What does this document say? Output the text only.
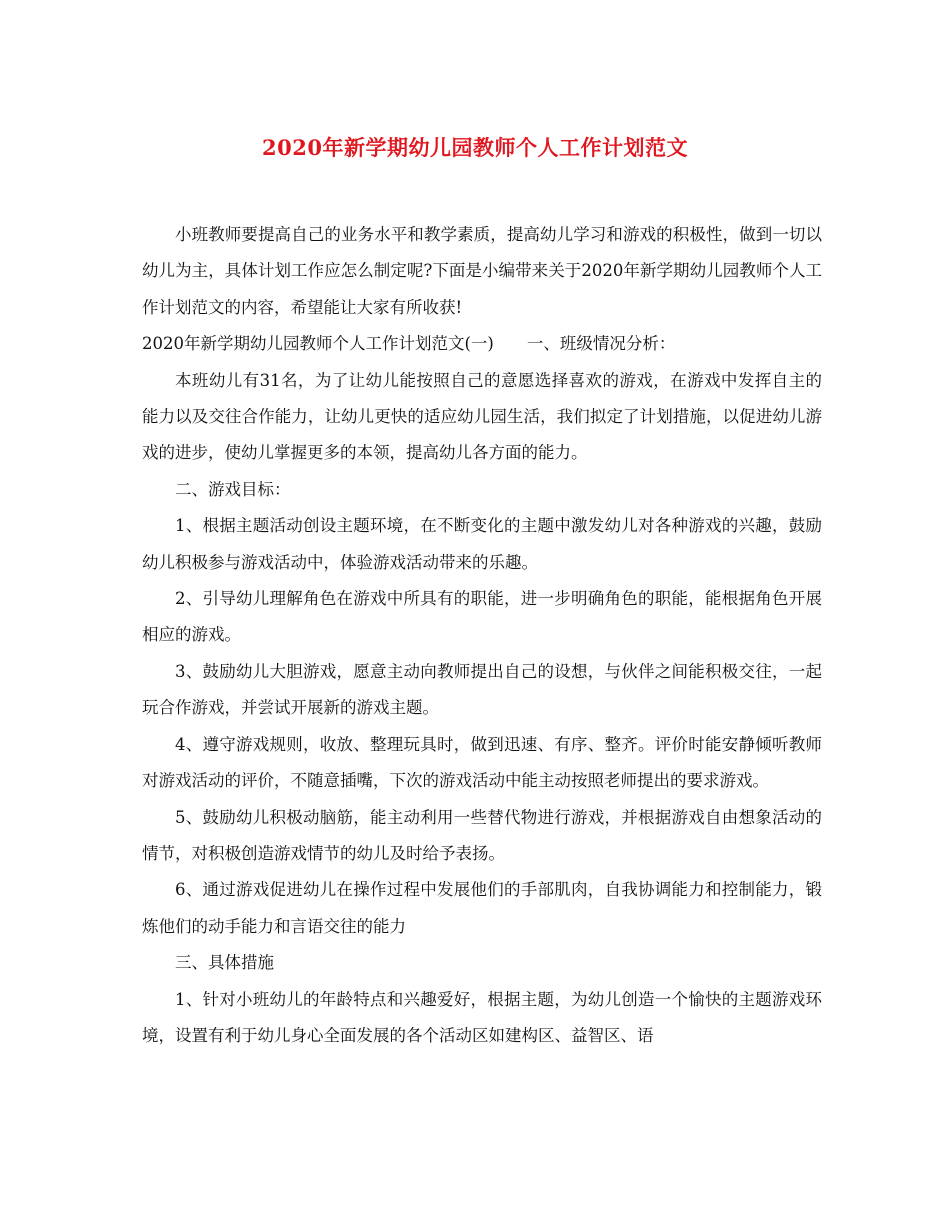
2020年新学期幼儿园教师个人工作计划范文

小班教师要提高自己的业务水平和教学素质，提高幼儿学习和游戏的积极性，做到一切以幼儿为主，具体计划工作应怎么制定呢?下面是小编带来关于2020年新学期幼儿园教师个人工作计划范文的内容，希望能让大家有所收获!

2020年新学期幼儿园教师个人工作计划范文(一)　　一、班级情况分析：

本班幼儿有31名，为了让幼儿能按照自己的意愿选择喜欢的游戏，在游戏中发挥自主的能力以及交往合作能力，让幼儿更快的适应幼儿园生活，我们拟定了计划措施，以促进幼儿游戏的进步，使幼儿掌握更多的本领，提高幼儿各方面的能力。

二、游戏目标：

1、根据主题活动创设主题环境，在不断变化的主题中激发幼儿对各种游戏的兴趣，鼓励幼儿积极参与游戏活动中，体验游戏活动带来的乐趣。

2、引导幼儿理解角色在游戏中所具有的职能，进一步明确角色的职能，能根据角色开展相应的游戏。

3、鼓励幼儿大胆游戏，愿意主动向教师提出自己的设想，与伙伴之间能积极交往，一起玩合作游戏，并尝试开展新的游戏主题。

4、遵守游戏规则，收放、整理玩具时，做到迅速、有序、整齐。评价时能安静倾听教师对游戏活动的评价，不随意插嘴，下次的游戏活动中能主动按照老师提出的要求游戏。

5、鼓励幼儿积极动脑筋，能主动利用一些替代物进行游戏，并根据游戏自由想象活动的情节，对积极创造游戏情节的幼儿及时给予表扬。

6、通过游戏促进幼儿在操作过程中发展他们的手部肌肉，自我协调能力和控制能力，锻炼他们的动手能力和言语交往的能力

三、具体措施

1、针对小班幼儿的年龄特点和兴趣爱好，根据主题，为幼儿创造一个愉快的主题游戏环境，设置有利于幼儿身心全面发展的各个活动区如建构区、益智区、语
